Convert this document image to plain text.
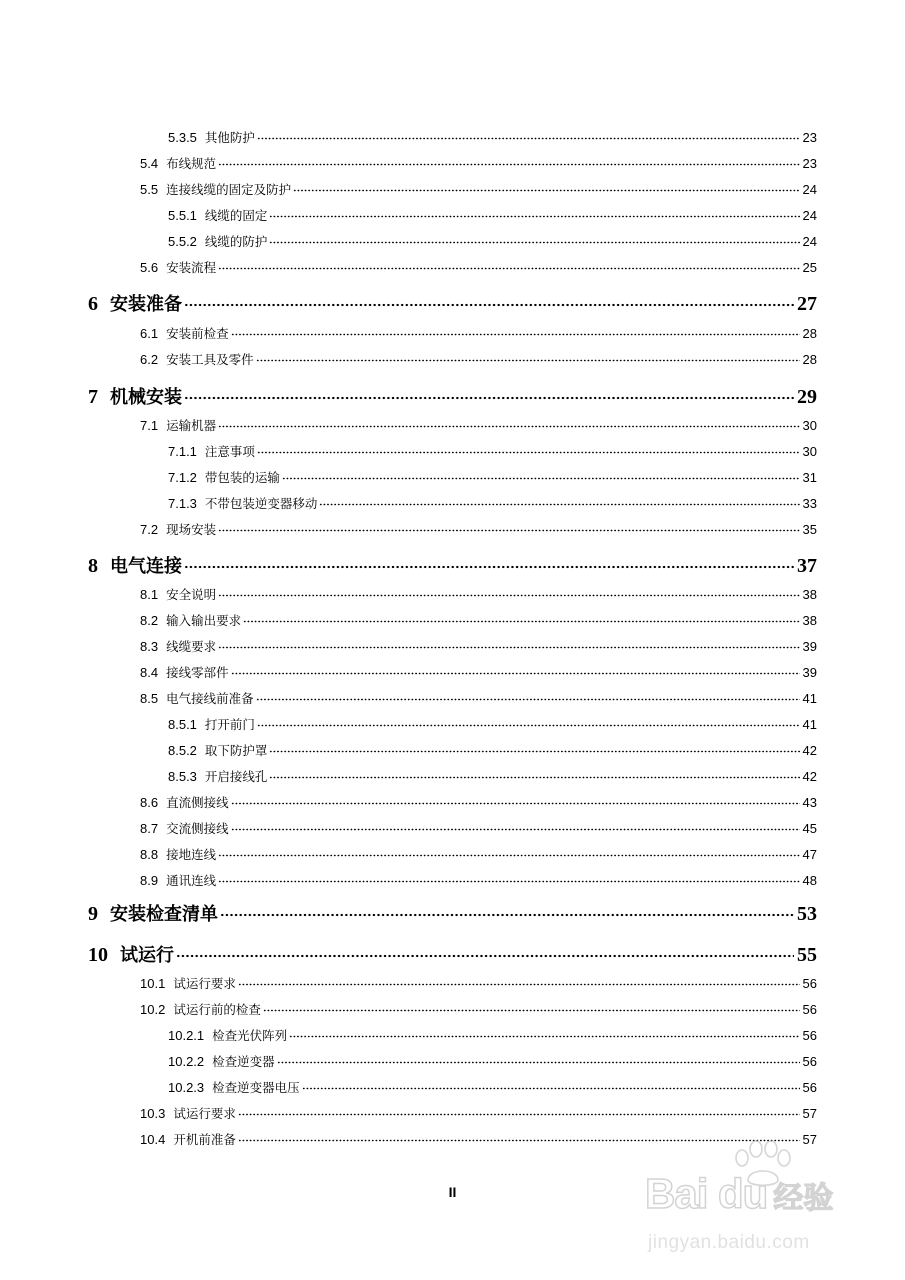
5.3.5 其他防护	23
5.4 布线规范	23
5.5 连接线缆的固定及防护	24
5.5.1 线缆的固定	24
5.5.2 线缆的防护	24
5.6 安装流程	25
6 安装准备	27
6.1 安装前检查	28
6.2 安装工具及零件	28
7 机械安装	29
7.1 运输机器	30
7.1.1 注意事项	30
7.1.2 带包装的运输	31
7.1.3 不带包装逆变器移动	33
7.2 现场安装	35
8 电气连接	37
8.1 安全说明	38
8.2 输入输出要求	38
8.3 线缆要求	39
8.4 接线零部件	39
8.5 电气接线前准备	41
8.5.1 打开前门	41
8.5.2 取下防护罩	42
8.5.3 开启接线孔	42
8.6 直流侧接线	43
8.7 交流侧接线	45
8.8 接地连线	47
8.9 通讯连线	48
9 安装检查清单	53
10 试运行	55
10.1 试运行要求	56
10.2 试运行前的检查	56
10.2.1 检查光伏阵列	56
10.2.2 检查逆变器	56
10.2.3 检查逆变器电压	56
10.3 试运行要求	57
10.4 开机前准备	57
II	Bai du 经验
jingyan.baidu.com
